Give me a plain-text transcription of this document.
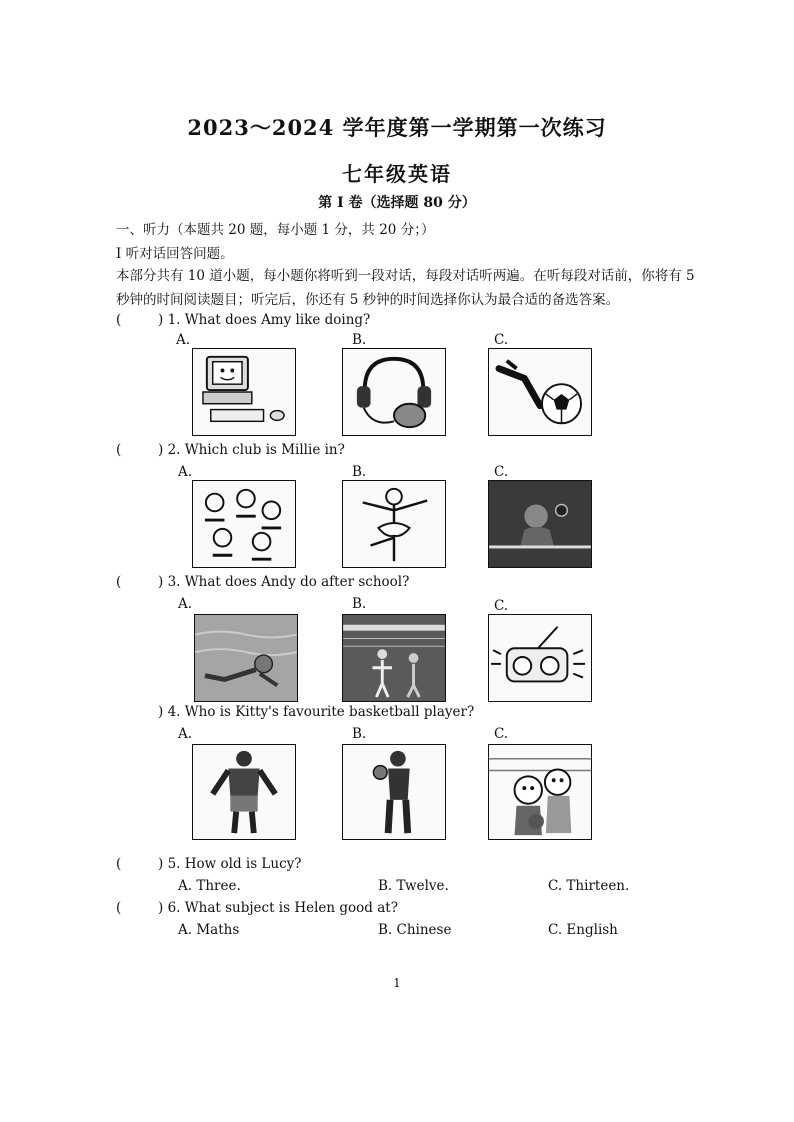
2023～2024 学年度第一学期第一次练习
七年级英语
第 I 卷（选择题 80 分）
一、听力（本题共 20 题，每小题 1 分，共 20 分；）
I 听对话回答问题。
本部分共有 10 道小题，每小题你将听到一段对话，每段对话听两遍。在听每段对话前，你将有 5
秒钟的时间阅读题目；听完后，你还有 5 秒钟的时间选择你认为最合适的备选答案。
(	) 1. What does Amy like doing?
A.	B.	C.
(	) 2. Which club is Millie in?
A.	B.	C.
(	) 3. What does Andy do after school?
A.	B.	C.
) 4. Who is Kitty's favourite basketball player?
A.	B.	C.
(	) 5. How old is Lucy?
A. Three.	B. Twelve.	C. Thirteen.
(	) 6. What subject is Helen good at?
A. Maths	B. Chinese	C. English
1
